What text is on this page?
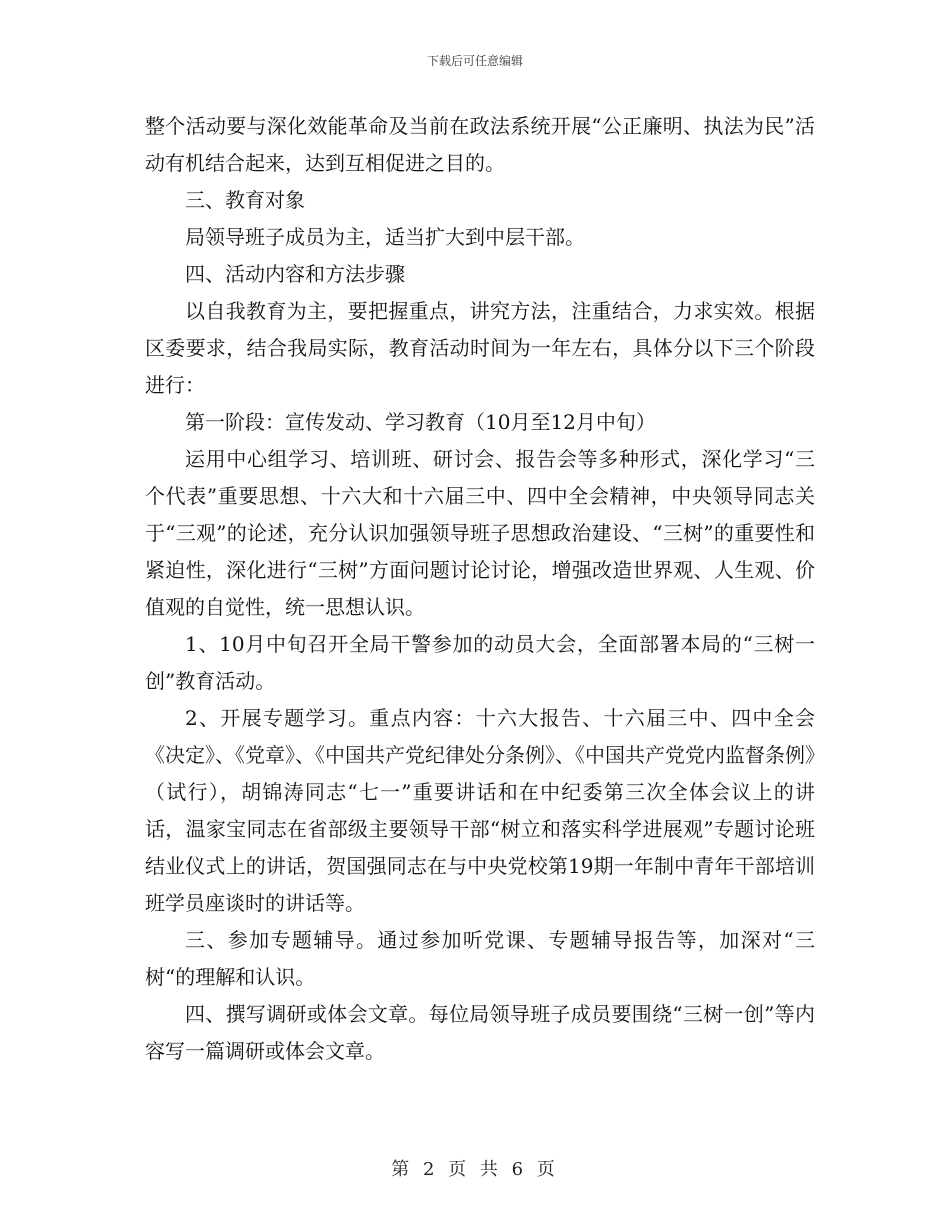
下载后可任意编辑

整个活动要与深化效能革命及当前在政法系统开展“公正廉明、执法为民”活动有机结合起来，达到互相促进之目的。

三、教育对象

局领导班子成员为主，适当扩大到中层干部。

四、活动内容和方法步骤

以自我教育为主，要把握重点，讲究方法，注重结合，力求实效。根据区委要求，结合我局实际，教育活动时间为一年左右，具体分以下三个阶段进行：

第一阶段：宣传发动、学习教育（10月至12月中旬）

运用中心组学习、培训班、研讨会、报告会等多种形式，深化学习“三个代表”重要思想、十六大和十六届三中、四中全会精神，中央领导同志关于“三观”的论述，充分认识加强领导班子思想政治建设、“三树”的重要性和紧迫性，深化进行“三树”方面问题讨论讨论，增强改造世界观、人生观、价值观的自觉性，统一思想认识。

1、10月中旬召开全局干警参加的动员大会，全面部署本局的“三树一创”教育活动。

2、开展专题学习。重点内容：十六大报告、十六届三中、四中全会《决定》、《党章》、《中国共产党纪律处分条例》、《中国共产党党内监督条例》（试行），胡锦涛同志“七一”重要讲话和在中纪委第三次全体会议上的讲话，温家宝同志在省部级主要领导干部“树立和落实科学进展观”专题讨论班结业仪式上的讲话，贺国强同志在与中央党校第19期一年制中青年干部培训班学员座谈时的讲话等。

三、参加专题辅导。通过参加听党课、专题辅导报告等，加深对“三树“的理解和认识。

四、撰写调研或体会文章。每位局领导班子成员要围绕“三树一创”等内容写一篇调研或体会文章。

第 2 页 共 6 页
